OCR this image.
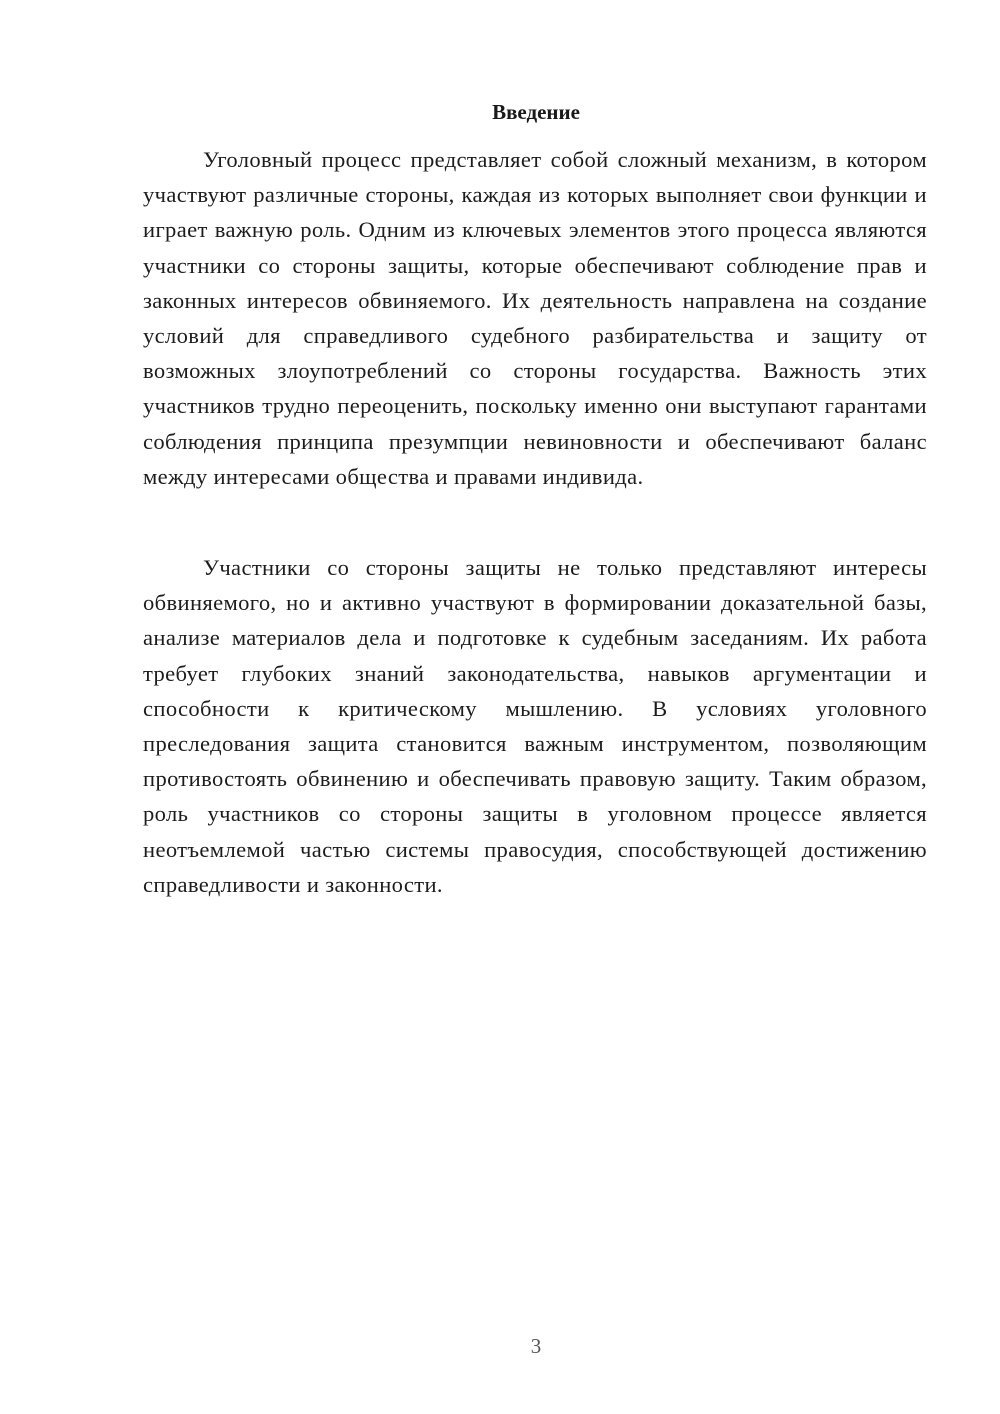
Введение

Уголовный процесс представляет собой сложный механизм, в котором участвуют различные стороны, каждая из которых выполняет свои функции и играет важную роль. Одним из ключевых элементов этого процесса являются участники со стороны защиты, которые обеспечивают соблюдение прав и законных интересов обвиняемого. Их деятельность направлена на создание условий для справедливого судебного разбирательства и защиту от возможных злоупотреблений со стороны государства. Важность этих участников трудно переоценить, поскольку именно они выступают гарантами соблюдения принципа презумпции невиновности и обеспечивают баланс между интересами общества и правами индивида.

Участники со стороны защиты не только представляют интересы обвиняемого, но и активно участвуют в формировании доказательной базы, анализе материалов дела и подготовке к судебным заседаниям. Их работа требует глубоких знаний законодательства, навыков аргументации и способности к критическому мышлению. В условиях уголовного преследования защита становится важным инструментом, позволяющим противостоять обвинению и обеспечивать правовую защиту. Таким образом, роль участников со стороны защиты в уголовном процессе является неотъемлемой частью системы правосудия, способствующей достижению справедливости и законности.

3
